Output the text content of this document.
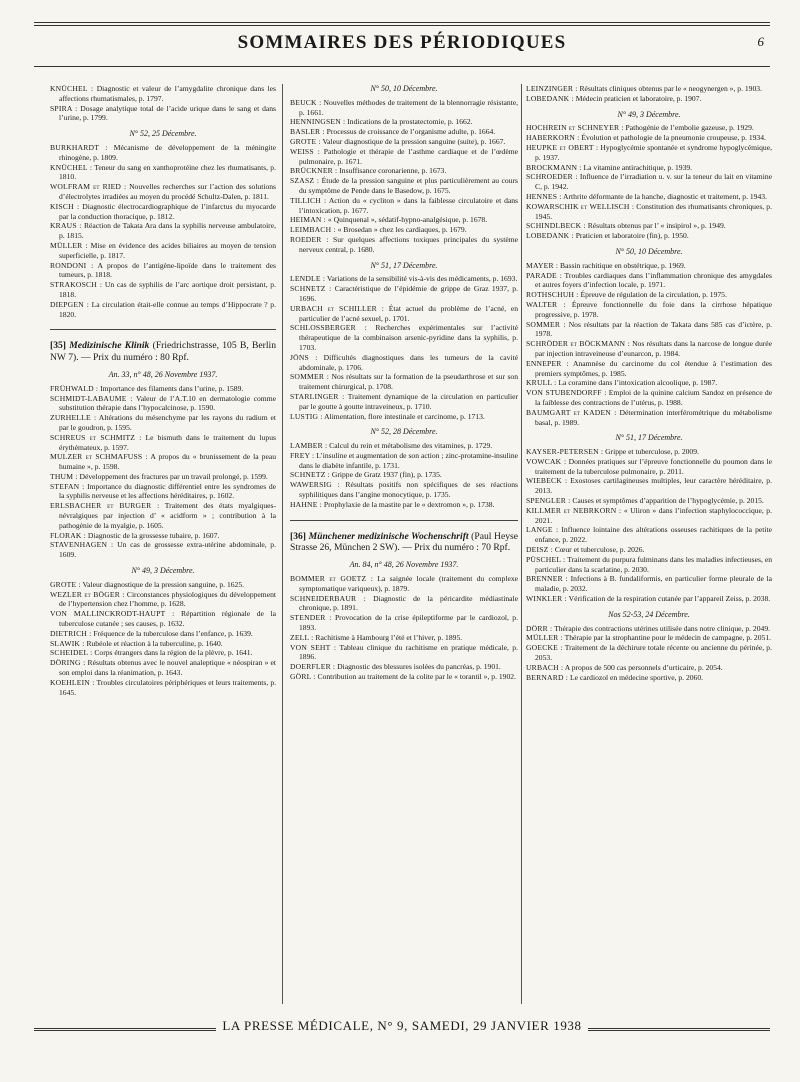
SOMMAIRES DES PÉRIODIQUES	6
KNÜCHEL : Diagnostic et valeur de l’amygdalite chronique dans les affections rhumatismales, p. 1797.
SPIRA : Dosage analytique total de l’acide urique dans le sang et dans l’urine, p. 1799.
N° 52, 25 Décembre.
BURKHARDT : Mécanisme de développement de la méningite rhinogène, p. 1809.
KNÜCHEL : Teneur du sang en xanthoprotéine chez les rhumatisants, p. 1810.
WOLFRAM et RIED : Nouvelles recherches sur l’action des solutions d’électrolytes irradiées au moyen du procédé Schultz-Dalen, p. 1811.
KISCH : Diagnostic électrocardiographique de l’infarctus du myocarde par la conduction thoracique, p. 1812.
KRAUS : Réaction de Takata Ara dans la syphilis nerveuse ambulatoire, p. 1815.
MÜLLER : Mise en évidence des acides biliaires au moyen de tension superficielle, p. 1817.
RONDONI : A propos de l’antigène-lipoïde dans le traitement des tumeurs, p. 1818.
STRAKOSCH : Un cas de syphilis de l’arc aortique droit persistant, p. 1818.
DIEPGEN : La circulation était-elle connue au temps d’Hippocrate ? p. 1820.
[35] Medizinische Klinik (Friedrichstrasse, 105 B, Berlin NW 7). — Prix du numéro : 80 Rpf.
An. 33, n° 48, 26 Novembre 1937.
FRÜHWALD : Importance des filaments dans l’urine, p. 1589.
SCHMIDT-LABAUME : Valeur de l’A.T.10 en dermatologie comme substitution thérapie dans l’hypocalcinose, p. 1590.
ZURHELLE : Altérations du mésenchyme par les rayons du radium et par le goudron, p. 1595.
SCHREUS et SCHMITZ : Le bismuth dans le traitement du lupus érythémateux, p. 1597.
MULZER et SCHMAFUSS : A propos du « brunissement de la peau humaine », p. 1598.
THUM : Développement des fractures par un travail prolongé, p. 1599.
STEFAN : Importance du diagnostic différentiel entre les syndromes de la syphilis nerveuse et les affections héréditaires, p. 1602.
ERLSBACHER et BURGER : Traitement des états myalgiques-névralgiques par injection d’ « acidform » ; contribution à la pathogénie de la myalgie, p. 1605.
FLORAK : Diagnostic de la grossesse tubaire, p. 1607.
STAVENHAGEN : Un cas de grossesse extra-utérine abdominale, p. 1609.
N° 49, 3 Décembre.
GROTE : Valeur diagnostique de la pression sanguine, p. 1625.
WEZLER et BÖGER : Circonstances physiologiques du développement de l’hypertension chez l’homme, p. 1628.
VON MALLINCKRODT-HAUPT : Répartition régionale de la tuberculose cutanée ; ses causes, p. 1632.
DIETRICH : Fréquence de la tuberculose dans l’enfance, p. 1639.
SLAWIK : Rubéole et réaction à la tuberculine, p. 1640.
SCHEIDEL : Corps étrangers dans la région de la plèvre, p. 1641.
DÖRING : Résultats obtenus avec le nouvel analeptique « néospiran » et son emploi dans la réanimation, p. 1643.
KOEHLEIN : Troubles circulatoires périphériques et leurs traitements, p. 1645.
N° 50, 10 Décembre.
BEUCK : Nouvelles méthodes de traitement de la blennorragie résistante, p. 1661.
HENNINGSEN : Indications de la prostatectomie, p. 1662.
BASLER : Processus de croissance de l’organisme adulte, p. 1664.
GROTE : Valeur diagnostique de la pression sanguine (suite), p. 1667.
WEISS : Pathologie et thérapie de l’asthme cardiaque et de l’œdème pulmonaire, p. 1671.
BRÜCKNER : Insuffisance coronarienne, p. 1673.
SZASZ : Étude de la pression sanguine et plus particulièrement au cours du symptôme de Pende dans le Basedow, p. 1675.
TILLICH : Action du « cycliton » dans la faiblesse circulatoire et dans l’intoxication, p. 1677.
HEIMAN : « Quinquenal », sédatif-hypno-analgésique, p. 1678.
LEIMBACH : « Brosedan » chez les cardiaques, p. 1679.
ROEDER : Sur quelques affections toxiques principales du système nerveux central, p. 1680.
N° 51, 17 Décembre.
LENDLE : Variations de la sensibilité vis-à-vis des médicaments, p. 1693.
SCHNETZ : Caractéristique de l’épidémie de grippe de Graz 1937, p. 1696.
URBACH et SCHILLER : État actuel du problème de l’acné, en particulier de l’acné sexuel, p. 1701.
SCHLOSSBERGER : Recherches expérimentales sur l’activité thérapeutique de la combinaison arsenic-pyridine dans la syphilis, p. 1703.
JÖNS : Difficultés diagnostiques dans les tumeurs de la cavité abdominale, p. 1706.
SOMMER : Nos résultats sur la formation de la pseudarthrose et sur son traitement chirurgical, p. 1708.
STARLINGER : Traitement dynamique de la circulation en particulier par le goutte à goutte intraveineux, p. 1710.
LUSTIG : Alimentation, flore intestinale et carcinome, p. 1713.
N° 52, 28 Décembre.
LAMBER : Calcul du rein et métabolisme des vitamines, p. 1729.
FREY : L’insuline et augmentation de son action ; zinc-protamine-insuline dans le diabète infantile, p. 1731.
SCHNETZ : Grippe de Gratz 1937 (fin), p. 1735.
WAWERSIG : Résultats positifs non spécifiques de ses réactions syphilitiques dans l’angine monocytique, p. 1735.
HAHNE : Prophylaxie de la mastite par le « dextromon », p. 1738.
[36] Münchener medizinische Wochenschrift (Paul Heyse Strasse 26, München 2 SW). — Prix du numéro : 70 Rpf.
An. 84, n° 48, 26 Novembre 1937.
BOMMER et GOETZ : La saignée locale (traitement du complexe symptomatique variqueux), p. 1879.
SCHNEIDERBAUR : Diagnostic de la péricardite médiastinale chronique, p. 1891.
STENDER : Provocation de la crise épileptiforme par le cardiozol, p. 1893.
ZELL : Rachitisme à Hambourg l’été et l’hiver, p. 1895.
VON SEHT : Tableau clinique du rachitisme en pratique médicale, p. 1896.
DOERFLER : Diagnostic des blessures isolées du pancréas, p. 1901.
GÖRL : Contribution au traitement de la colite par le « torantil », p. 1902.
LEINZINGER : Résultats cliniques obtenus par le « neogynergen », p. 1903.
LOBEDANK : Médecin praticien et laboratoire, p. 1907.
N° 49, 3 Décembre.
HOCHREIN et SCHNEYER : Pathogénie de l’embolie gazeuse, p. 1929.
HABERKORN : Évolution et pathologie de la pneumonie croupeuse, p. 1934.
HEUPKE et OBERT : Hypoglycémie spontanée et syndrome hypoglycémique, p. 1937.
BROCKMANN : La vitamine antirachitique, p. 1939.
SCHROEDER : Influence de l’irradiation u. v. sur la teneur du lait en vitamine C, p. 1942.
HENNES : Arthrite déformante de la hanche, diagnostic et traitement, p. 1943.
KOWARSCHIK et WELLISCH : Constitution des rhumatisants chroniques, p. 1945.
SCHINDLBECK : Résultats obtenus par l’ « insipirol », p. 1949.
LOBEDANK : Praticien et laboratoire (fin), p. 1950.
N° 50, 10 Décembre.
MAYER : Bassin rachitique en obstétrique, p. 1969.
PARADE : Troubles cardiaques dans l’inflammation chronique des amygdales et autres foyers d’infection locale, p. 1971.
ROTHSCHUH : Épreuve de régulation de la circulation, p. 1975.
WALTER : Épreuve fonctionnelle du foie dans la cirrhose hépatique progressive, p. 1978.
SOMMER : Nos résultats par la réaction de Takata dans 585 cas d’ictère, p. 1978.
SCHRÖDER et BÖCKMANN : Nos résultats dans la narcose de longue durée par injection intraveineuse d’eunarcon, p. 1984.
ENNEPER : Anamnèse du carcinome du col étendue à l’estimation des premiers symptômes, p. 1985.
KRULL : La coramine dans l’intoxication alcoolique, p. 1987.
VON STUBENDORFF : Emploi de la quinine calcium Sandoz en présence de la faiblesse des contractions de l’utérus, p. 1988.
BAUMGART et KADEN : Détermination interférométrique du métabolisme basal, p. 1989.
N° 51, 17 Décembre.
KAYSER-PETERSEN : Grippe et tuberculose, p. 2009.
VOWCAK : Données pratiques sur l’épreuve fonctionnelle du poumon dans le traitement de la tuberculose pulmonaire, p. 2011.
WIEBECK : Exostoses cartilagineuses multiples, leur caractère héréditaire, p. 2013.
SPENGLER : Causes et symptômes d’apparition de l’hypoglycémie, p. 2015.
KILLMER et NEBRKORN : « Uliron » dans l’infection staphylococcique, p. 2021.
LANGE : Influence lointaine des altérations osseuses rachitiques de la petite enfance, p. 2022.
DEISZ : Cœur et tuberculose, p. 2026.
PÜSCHEL : Traitement du purpura fulminans dans les maladies infectieuses, en particulier dans la scarlatine, p. 2030.
BRENNER : Infections à B. fundaliformis, en particulier forme pleurale de la maladie, p. 2032.
WINKLER : Vérification de la respiration cutanée par l’appareil Zeiss, p. 2038.
Nos 52-53, 24 Décembre.
DÖRR : Thérapie des contractions utérines utilisée dans notre clinique, p. 2049.
MÜLLER : Thérapie par la strophantine pour le médecin de campagne, p. 2051.
GOECKE : Traitement de la déchirure totale récente ou ancienne du périnée, p. 2053.
URBACH : A propos de 500 cas personnels d’urticaire, p. 2054.
BERNARD : Le cardiozol en médecine sportive, p. 2060.
LA PRESSE MÉDICALE, N° 9, SAMEDI, 29 JANVIER 1938
